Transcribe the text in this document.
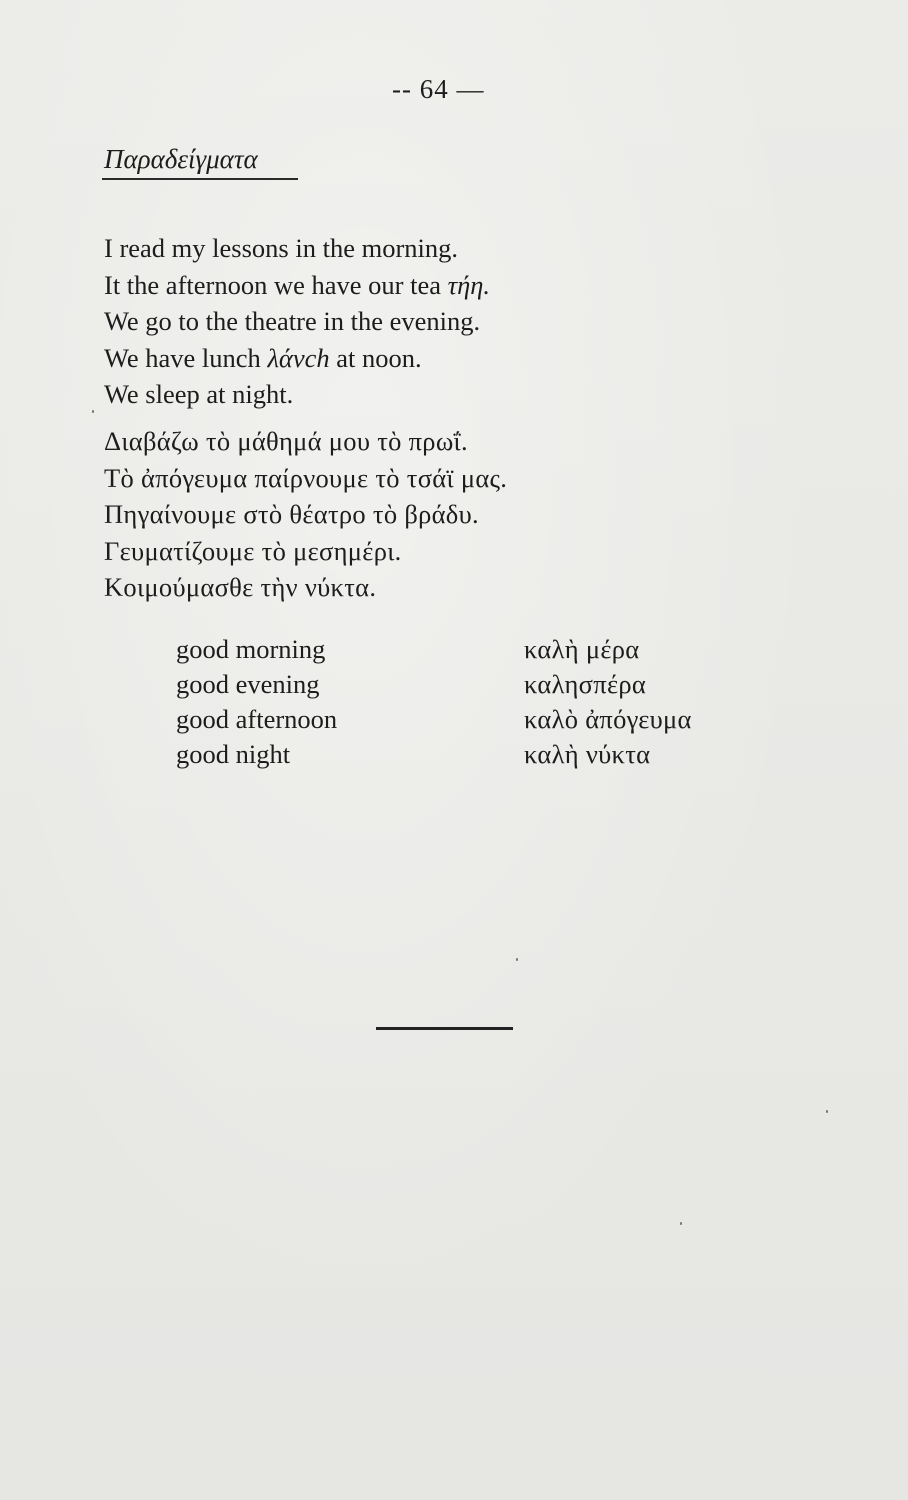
-- 64 —
Παραδείγματα
I read my lessons in the morning.
It the afternoon we have our tea τήη.
We go to the theatre in the evening.
We have lunch λάνch at noon.
We sleep at night.
Διαβάζω τὸ μάθημά μου τὸ πρωΐ.
Τὸ ἀπόγευμα παίρνουμε τὸ τσάϊ μας.
Πηγαίνουμε στὸ θέατρο τὸ βράδυ.
Γευματίζουμε τὸ μεσημέρι.
Κοιμούμασθε τὴν νύκτα.
good morning
good evening
good afternoon
good night
καλὴ μέρα
καλησπέρα
καλὸ ἀπόγευμα
καλὴ νύκτα
